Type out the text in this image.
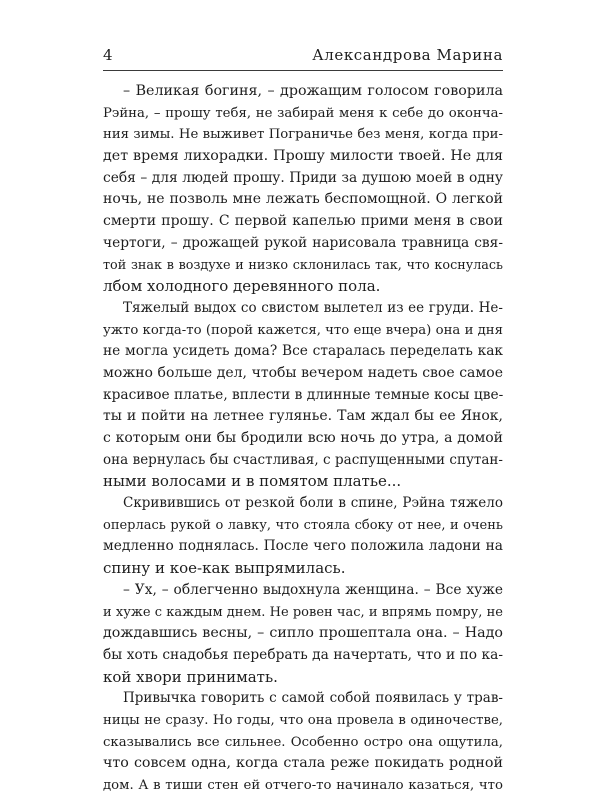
4	Александрова Марина

– Великая богиня, – дрожащим голосом говорила
Рэйна, – прошу тебя, не забирай меня к себе до оконча-
ния зимы. Не выживет Пограничье без меня, когда при-
дет время лихорадки. Прошу милости твоей. Не для
себя – для людей прошу. Приди за душою моей в одну
ночь, не позволь мне лежать беспомощной. О легкой
смерти прошу. С первой капелью прими меня в свои
чертоги, – дрожащей рукой нарисовала травница свя-
той знак в воздухе и низко склонилась так, что коснулась
лбом холодного деревянного пола.

Тяжелый выдох со свистом вылетел из ее груди. Не-
ужто когда-то (порой кажется, что еще вчера) она и дня
не могла усидеть дома? Все старалась переделать как
можно больше дел, чтобы вечером надеть свое самое
красивое платье, вплести в длинные темные косы цве-
ты и пойти на летнее гулянье. Там ждал бы ее Янок,
с которым они бы бродили всю ночь до утра, а домой
она вернулась бы счастливая, с распущенными спутан-
ными волосами и в помятом платье...

Скривившись от резкой боли в спине, Рэйна тяжело
оперлась рукой о лавку, что стояла сбоку от нее, и очень
медленно поднялась. После чего положила ладони на
спину и кое-как выпрямилась.

– Ух, – облегченно выдохнула женщина. – Все хуже
и хуже с каждым днем. Не ровен час, и впрямь помру, не
дождавшись весны, – сипло прошептала она. – Надо
бы хоть снадобья перебрать да начертать, что и по ка-
кой хвори принимать.

Привычка говорить с самой собой появилась у трав-
ницы не сразу. Но годы, что она провела в одиночестве,
сказывались все сильнее. Особенно остро она ощутила,
что совсем одна, когда стала реже покидать родной
дом. А в тиши стен ей отчего-то начинало казаться, что
